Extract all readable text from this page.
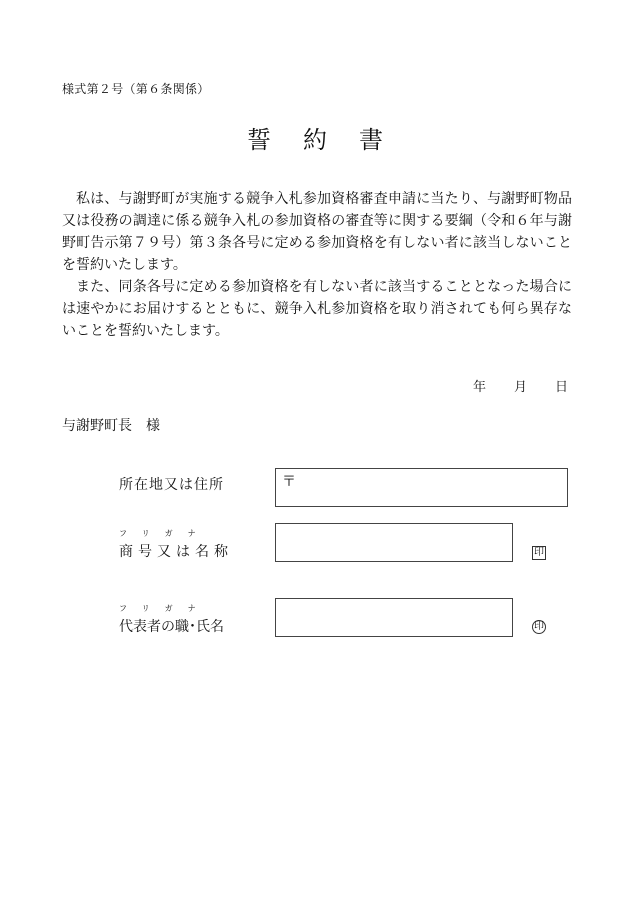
様式第２号（第６条関係）
誓約書

私は、与謝野町が実施する競争入札参加資格審査申請に当たり、与謝野町物品又は役務の調達に係る競争入札の参加資格の審査等に関する要綱（令和６年与謝野町告示第７９号）第３条各号に定める参加資格を有しない者に該当しないことを誓約いたします。

また、同条各号に定める参加資格を有しない者に該当することとなった場合には速やかにお届けするとともに、競争入札参加資格を取り消されても何ら異存ないことを誓約いたします。

年 月 日
与謝野町長　様
所在地又は住所	〒
フリガナ
商号又は名称	印
フリガナ
代表者の職･氏名	印
